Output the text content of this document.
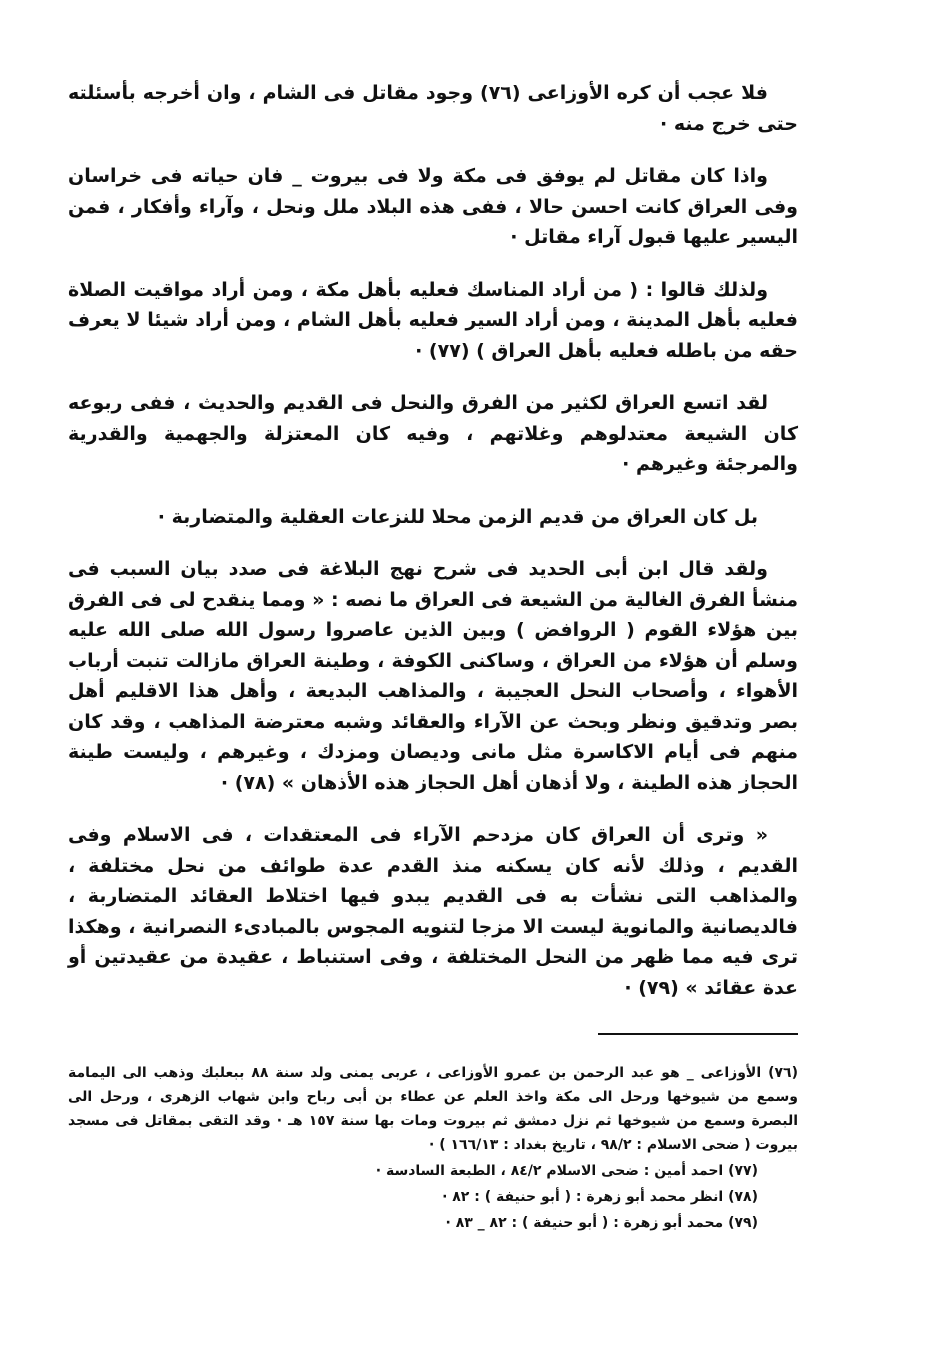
فلا عجب أن كره الأوزاعى (٧٦) وجود مقاتل فى الشام ، وان أخرجه بأسئلته حتى خرج منه ·

واذا كان مقاتل لم يوفق فى مكة ولا فى بيروت _ فان حياته فى خراسان وفى العراق كانت احسن حالا ، ففى هذه البلاد ملل ونحل ، وآراء وأفكار ، فمن اليسير عليها قبول آراء مقاتل ·

ولذلك قالوا : ( من أراد المناسك فعليه بأهل مكة ، ومن أراد مواقيت الصلاة فعليه بأهل المدينة ، ومن أراد السير فعليه بأهل الشام ، ومن أراد شيئا لا يعرف حقه من باطله فعليه بأهل العراق ) (٧٧) ·

لقد اتسع العراق لكثير من الفرق والنحل فى القديم والحديث ، ففى ربوعه كان الشيعة معتدلوهم وغلاتهم ، وفيه كان المعتزلة والجهمية والقدرية والمرجئة وغيرهم ·

بل كان العراق من قديم الزمن محلا للنزعات العقلية والمتضاربة ·

ولقد قال ابن أبى الحديد فى شرح نهج البلاغة فى صدد بيان السبب فى منشأ الفرق الغالية من الشيعة فى العراق ما نصه : « ومما ينقدح لى فى الفرق بين هؤلاء القوم ( الروافض ) وبين الذين عاصروا رسول الله صلى الله عليه وسلم أن هؤلاء من العراق ، وساكنى الكوفة ، وطينة العراق مازالت تنبت أرباب الأهواء ، وأصحاب النحل العجيبة ، والمذاهب البديعة ، وأهل هذا الاقليم أهل بصر وتدقيق ونظر وبحث عن الآراء والعقائد وشبه معترضة المذاهب ، وقد كان منهم فى أيام الاكاسرة مثل مانى وديصان ومزدك ، وغيرهم ، وليست طينة الحجاز هذه الطينة ، ولا أذهان أهل الحجاز هذه الأذهان » (٧٨) ·

« وترى أن العراق كان مزدحم الآراء فى المعتقدات ، فى الاسلام وفى القديم ، وذلك لأنه كان يسكنه منذ القدم عدة طوائف من نحل مختلفة ، والمذاهب التى نشأت به فى القديم يبدو فيها اختلاط العقائد المتضاربة ، فالديصانية والمانوية ليست الا مزجا لتنويه المجوس بالمبادىء النصرانية ، وهكذا ترى فيه مما ظهر من النحل المختلفة ، وفى استنباط ، عقيدة من عقيدتين أو عدة عقائد » (٧٩) ·

(٧٦) الأوزاعى _ هو عبد الرحمن بن عمرو الأوزاعى ، عربى يمنى ولد سنة ٨٨ ببعلبك وذهب الى اليمامة وسمع من شيوخها ورحل الى مكة واخذ العلم عن عطاء بن أبى رباح وابن شهاب الزهرى ، ورحل الى البصرة وسمع من شيوخها ثم نزل دمشق ثم بيروت ومات بها سنة ١٥٧ هـ · وقد التقى بمقاتل فى مسجد بيروت ( ضحى الاسلام : ٩٨/٢ ، تاريخ بغداد : ١٦٦/١٣ ) ·

(٧٧) احمد أمين : ضحى الاسلام ٨٤/٢ ، الطبعة السادسة ·

(٧٨) انظر محمد أبو زهرة : ( أبو حنيفة ) : ٨٢ ·

(٧٩) محمد أبو زهرة : ( أبو حنيفة ) : ٨٢ _ ٨٣ ·
